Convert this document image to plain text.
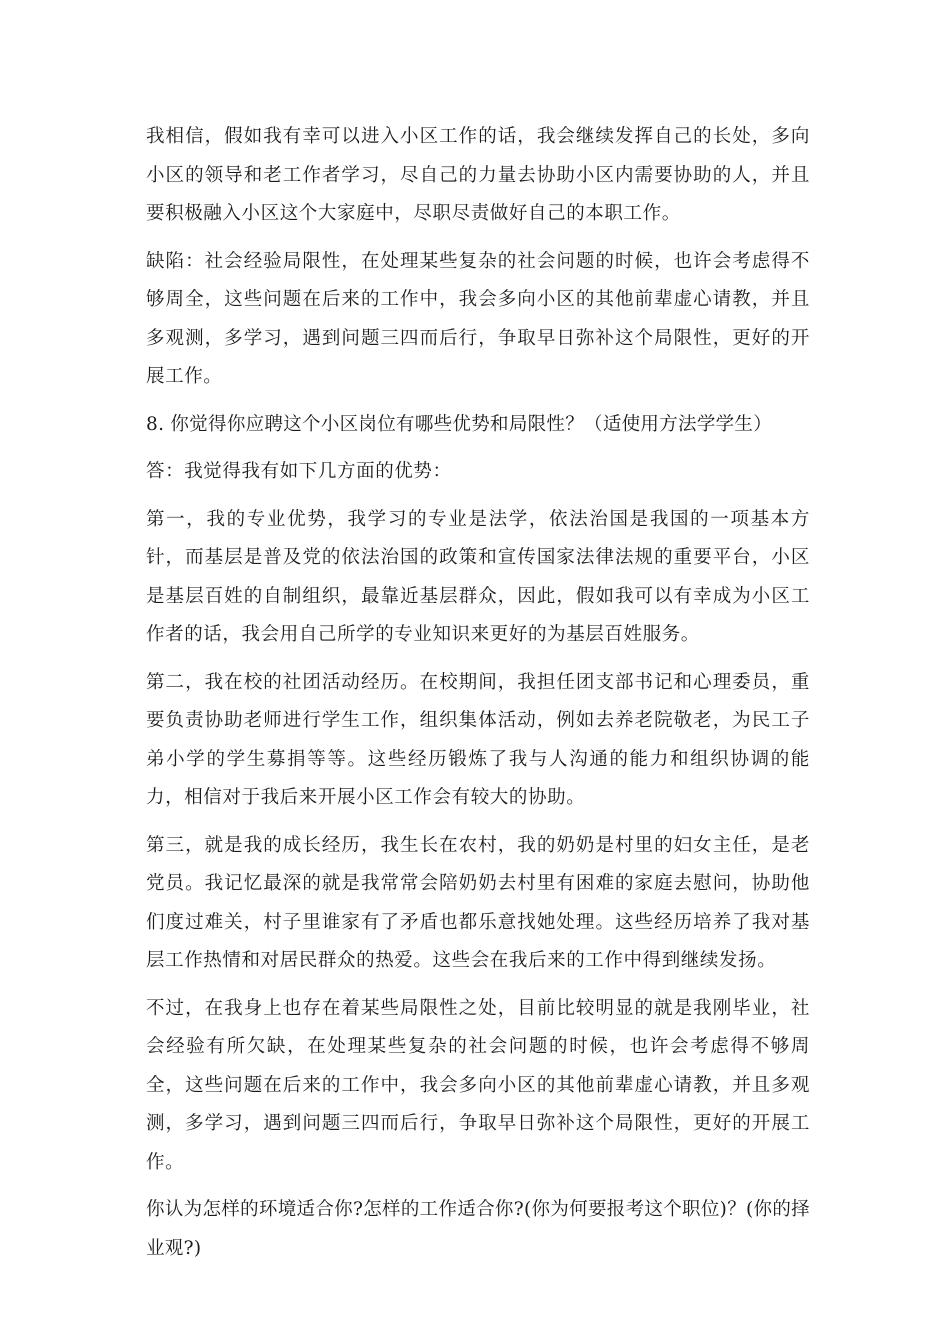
我相信，假如我有幸可以进入小区工作的话，我会继续发挥自己的长处，多向小区的领导和老工作者学习，尽自己的力量去协助小区内需要协助的人，并且要积极融入小区这个大家庭中，尽职尽责做好自己的本职工作。

缺陷：社会经验局限性，在处理某些复杂的社会问题的时候，也许会考虑得不够周全，这些问题在后来的工作中，我会多向小区的其他前辈虚心请教，并且多观测，多学习，遇到问题三四而后行，争取早日弥补这个局限性，更好的开展工作。

8. 你觉得你应聘这个小区岗位有哪些优势和局限性？（适使用方法学学生）

答：我觉得我有如下几方面的优势：

第一，我的专业优势，我学习的专业是法学，依法治国是我国的一项基本方针，而基层是普及党的依法治国的政策和宣传国家法律法规的重要平台，小区是基层百姓的自制组织，最靠近基层群众，因此，假如我可以有幸成为小区工作者的话，我会用自己所学的专业知识来更好的为基层百姓服务。

第二，我在校的社团活动经历。在校期间，我担任团支部书记和心理委员，重要负责协助老师进行学生工作，组织集体活动，例如去养老院敬老，为民工子弟小学的学生募捐等等。这些经历锻炼了我与人沟通的能力和组织协调的能力，相信对于我后来开展小区工作会有较大的协助。

第三，就是我的成长经历，我生长在农村，我的奶奶是村里的妇女主任，是老党员。我记忆最深的就是我常常会陪奶奶去村里有困难的家庭去慰问，协助他们度过难关，村子里谁家有了矛盾也都乐意找她处理。这些经历培养了我对基层工作热情和对居民群众的热爱。这些会在我后来的工作中得到继续发扬。

不过，在我身上也存在着某些局限性之处，目前比较明显的就是我刚毕业，社会经验有所欠缺，在处理某些复杂的社会问题的时候，也许会考虑得不够周全，这些问题在后来的工作中，我会多向小区的其他前辈虚心请教，并且多观测，多学习，遇到问题三四而后行，争取早日弥补这个局限性，更好的开展工作。

你认为怎样的环境适合你?怎样的工作适合你?(你为何要报考这个职位)？(你的择业观?)
